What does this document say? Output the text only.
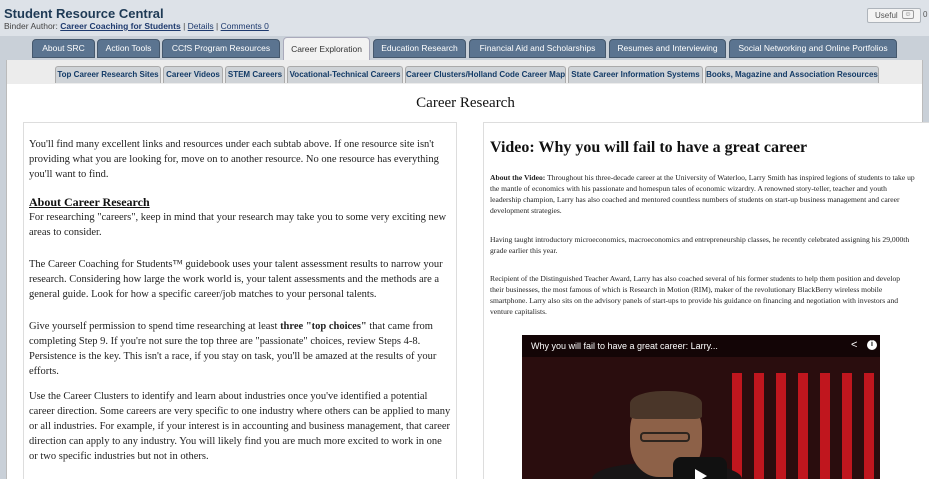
Student Resource Central
Binder Author: Career Coaching for Students | Details | Comments 0
Useful ☺	0
About SRC	Action Tools	CCfS Program Resources	Career Exploration	Education Research	Financial Aid and Scholarships	Resumes and Interviewing	Social Networking and Online Portfolios
Top Career Research Sites Career Videos	STEM Careers Vocational-Technical Careers Career Clusters/Holland Code Career Map State Career Information Systems Books, Magazine and Association Resources
Career Research
You'll find many excellent links and resources under each subtab above. If one resource site isn't providing what you are looking for, move on to another resource. No one resource has everything you'll want to find.
About Career Research
For researching "careers", keep in mind that your research may take you to some very exciting new areas to consider.
The Career Coaching for Students™ guidebook uses your talent assessment results to narrow your research. Considering how large the work world is, your talent assessments and the methods are a general guide. Look for how a specific career/job matches to your personal talents.
Give yourself permission to spend time researching at least three "top choices" that came from completing Step 9. If you're not sure the top three are "passionate" choices, review Steps 4-8. Persistence is the key. This isn't a race, if you stay on task, you'll be amazed at the results of your efforts.
Use the Career Clusters to identify and learn about industries once you've identified a potential career direction. Some careers are very specific to one industry where others can be applied to many or all industries. For example, if your interest is in accounting and business management, that career direction can apply to any industry. You will likely find you are much more excited to work in one or two specific industries but not in others.
Video: Why you will fail to have a great career
About the Video: Throughout his three-decade career at the University of Waterloo, Larry Smith has inspired legions of students to take up the mantle of economics with his passionate and homespun tales of economic wizardry. A renowned story-teller, teacher and youth leadership champion, Larry has also coached and mentored countless numbers of students on start-up business management and career development strategies.
Having taught introductory microeconomics, macroeconomics and entrepreneurship classes, he recently celebrated assigning his 29,000th grade earlier this year.
Recipient of the Distinguished Teacher Award, Larry has also coached several of his former students to help them position and develop their businesses, the most famous of which is Research in Motion (RIM), maker of the revolutionary BlackBerry wireless mobile smartphone. Larry also sits on the advisory panels of start-ups to provide his guidance on financing and negotiation with investors and venture capitalists.
Why you will fail to have a great career: Larry...	<	i
